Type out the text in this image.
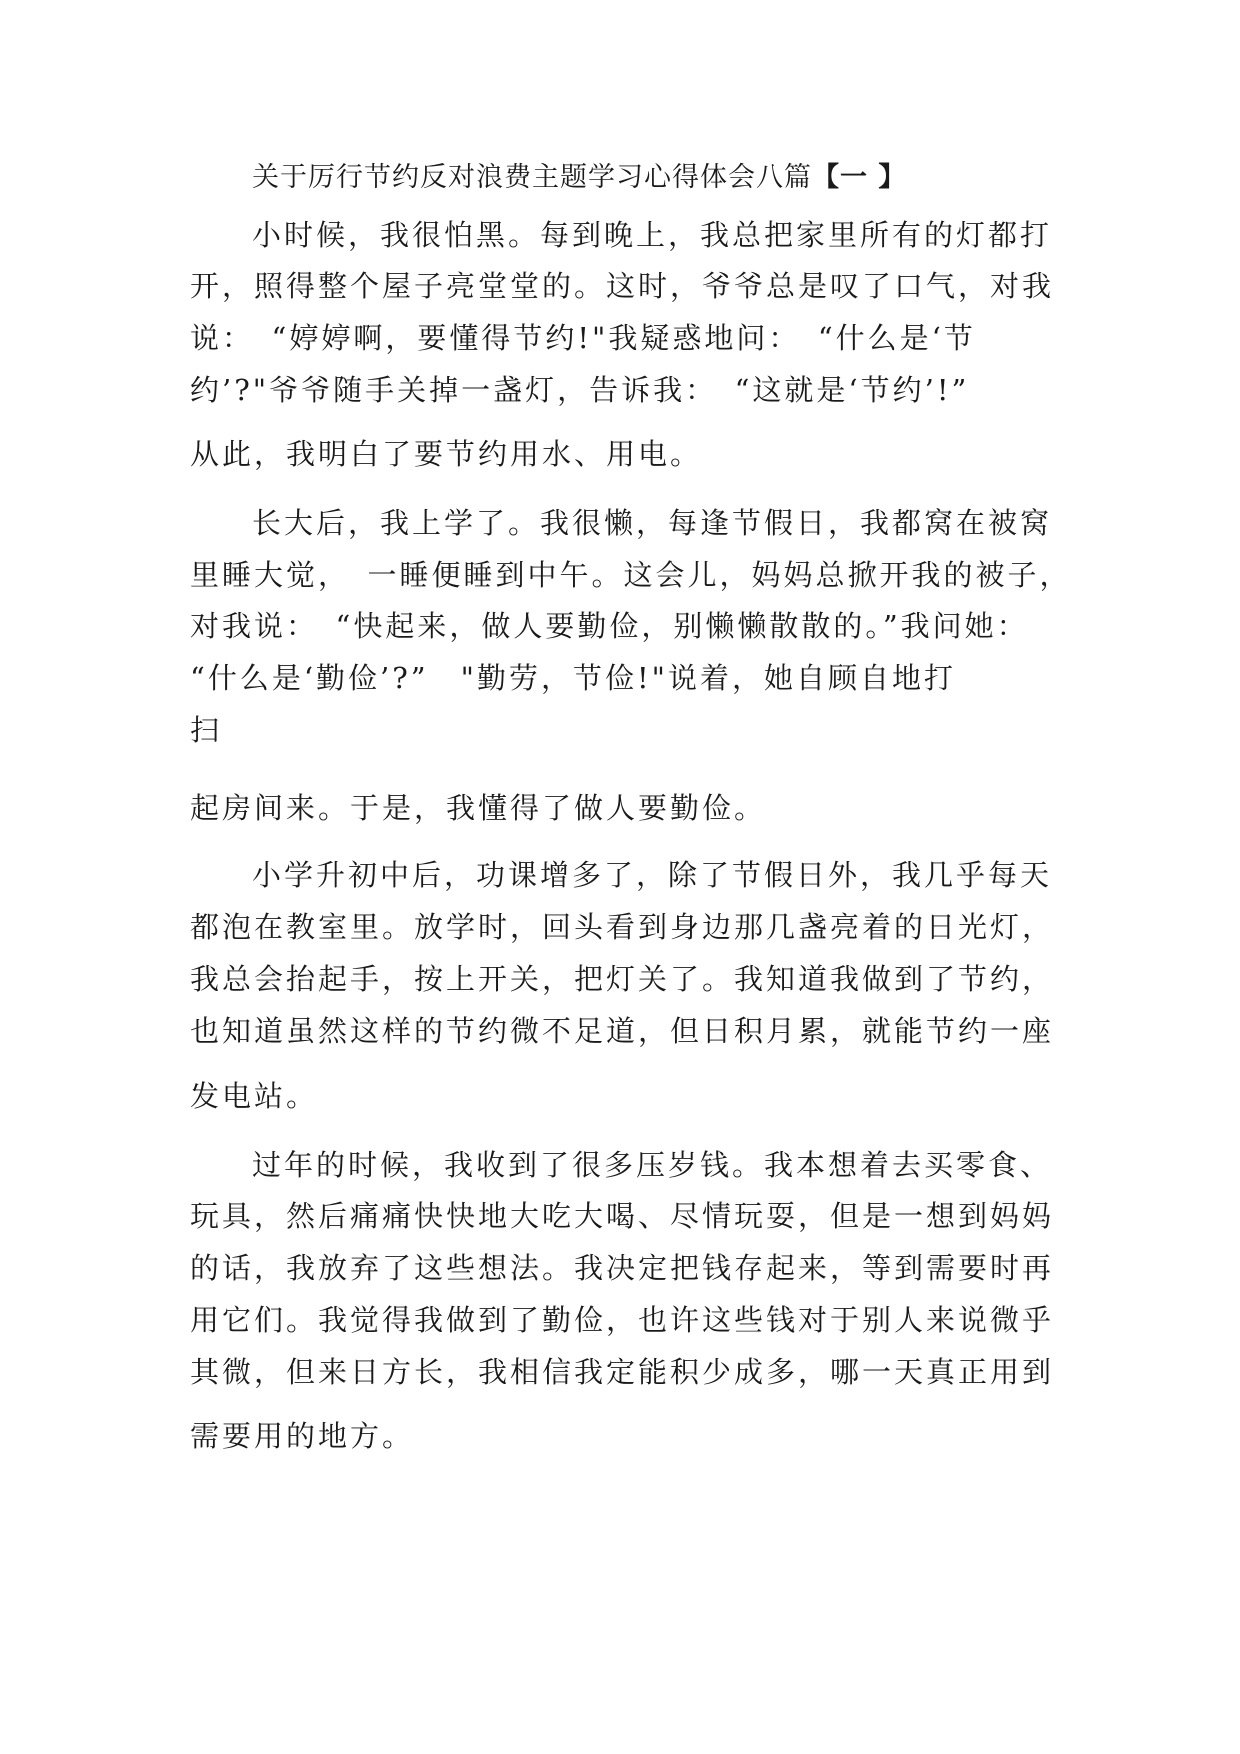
关于厉行节约反对浪费主题学习心得体会八篇【一 】
小时候，我很怕黑。每到晚上，我总把家里所有的灯都打
开，照得整个屋子亮堂堂的。这时，爷爷总是叹了口气，对我
说：　“婷婷啊，要懂得节约!"我疑惑地问：　“什么是‘节
约’?"爷爷随手关掉一盏灯，告诉我：　“这就是‘节约’!”
从此，我明白了要节约用水、用电。
长大后，我上学了。我很懒，每逢节假日，我都窝在被窝
里睡大觉，　一睡便睡到中午。这会儿，妈妈总掀开我的被子，
对我说：　“快起来，做人要勤俭，别懒懒散散的。”我问她：
“什么是‘勤俭’?”　"勤劳，节俭!"说着，她自顾自地打
扫
起房间来。于是，我懂得了做人要勤俭。
小学升初中后，功课增多了，除了节假日外，我几乎每天
都泡在教室里。放学时，回头看到身边那几盏亮着的日光灯，
我总会抬起手，按上开关，把灯关了。我知道我做到了节约，
也知道虽然这样的节约微不足道，但日积月累，就能节约一座
发电站。
过年的时候，我收到了很多压岁钱。我本想着去买零食、
玩具，然后痛痛快快地大吃大喝、尽情玩耍，但是一想到妈妈
的话，我放弃了这些想法。我决定把钱存起来，等到需要时再
用它们。我觉得我做到了勤俭，也许这些钱对于别人来说微乎
其微，但来日方长，我相信我定能积少成多，哪一天真正用到
需要用的地方。
